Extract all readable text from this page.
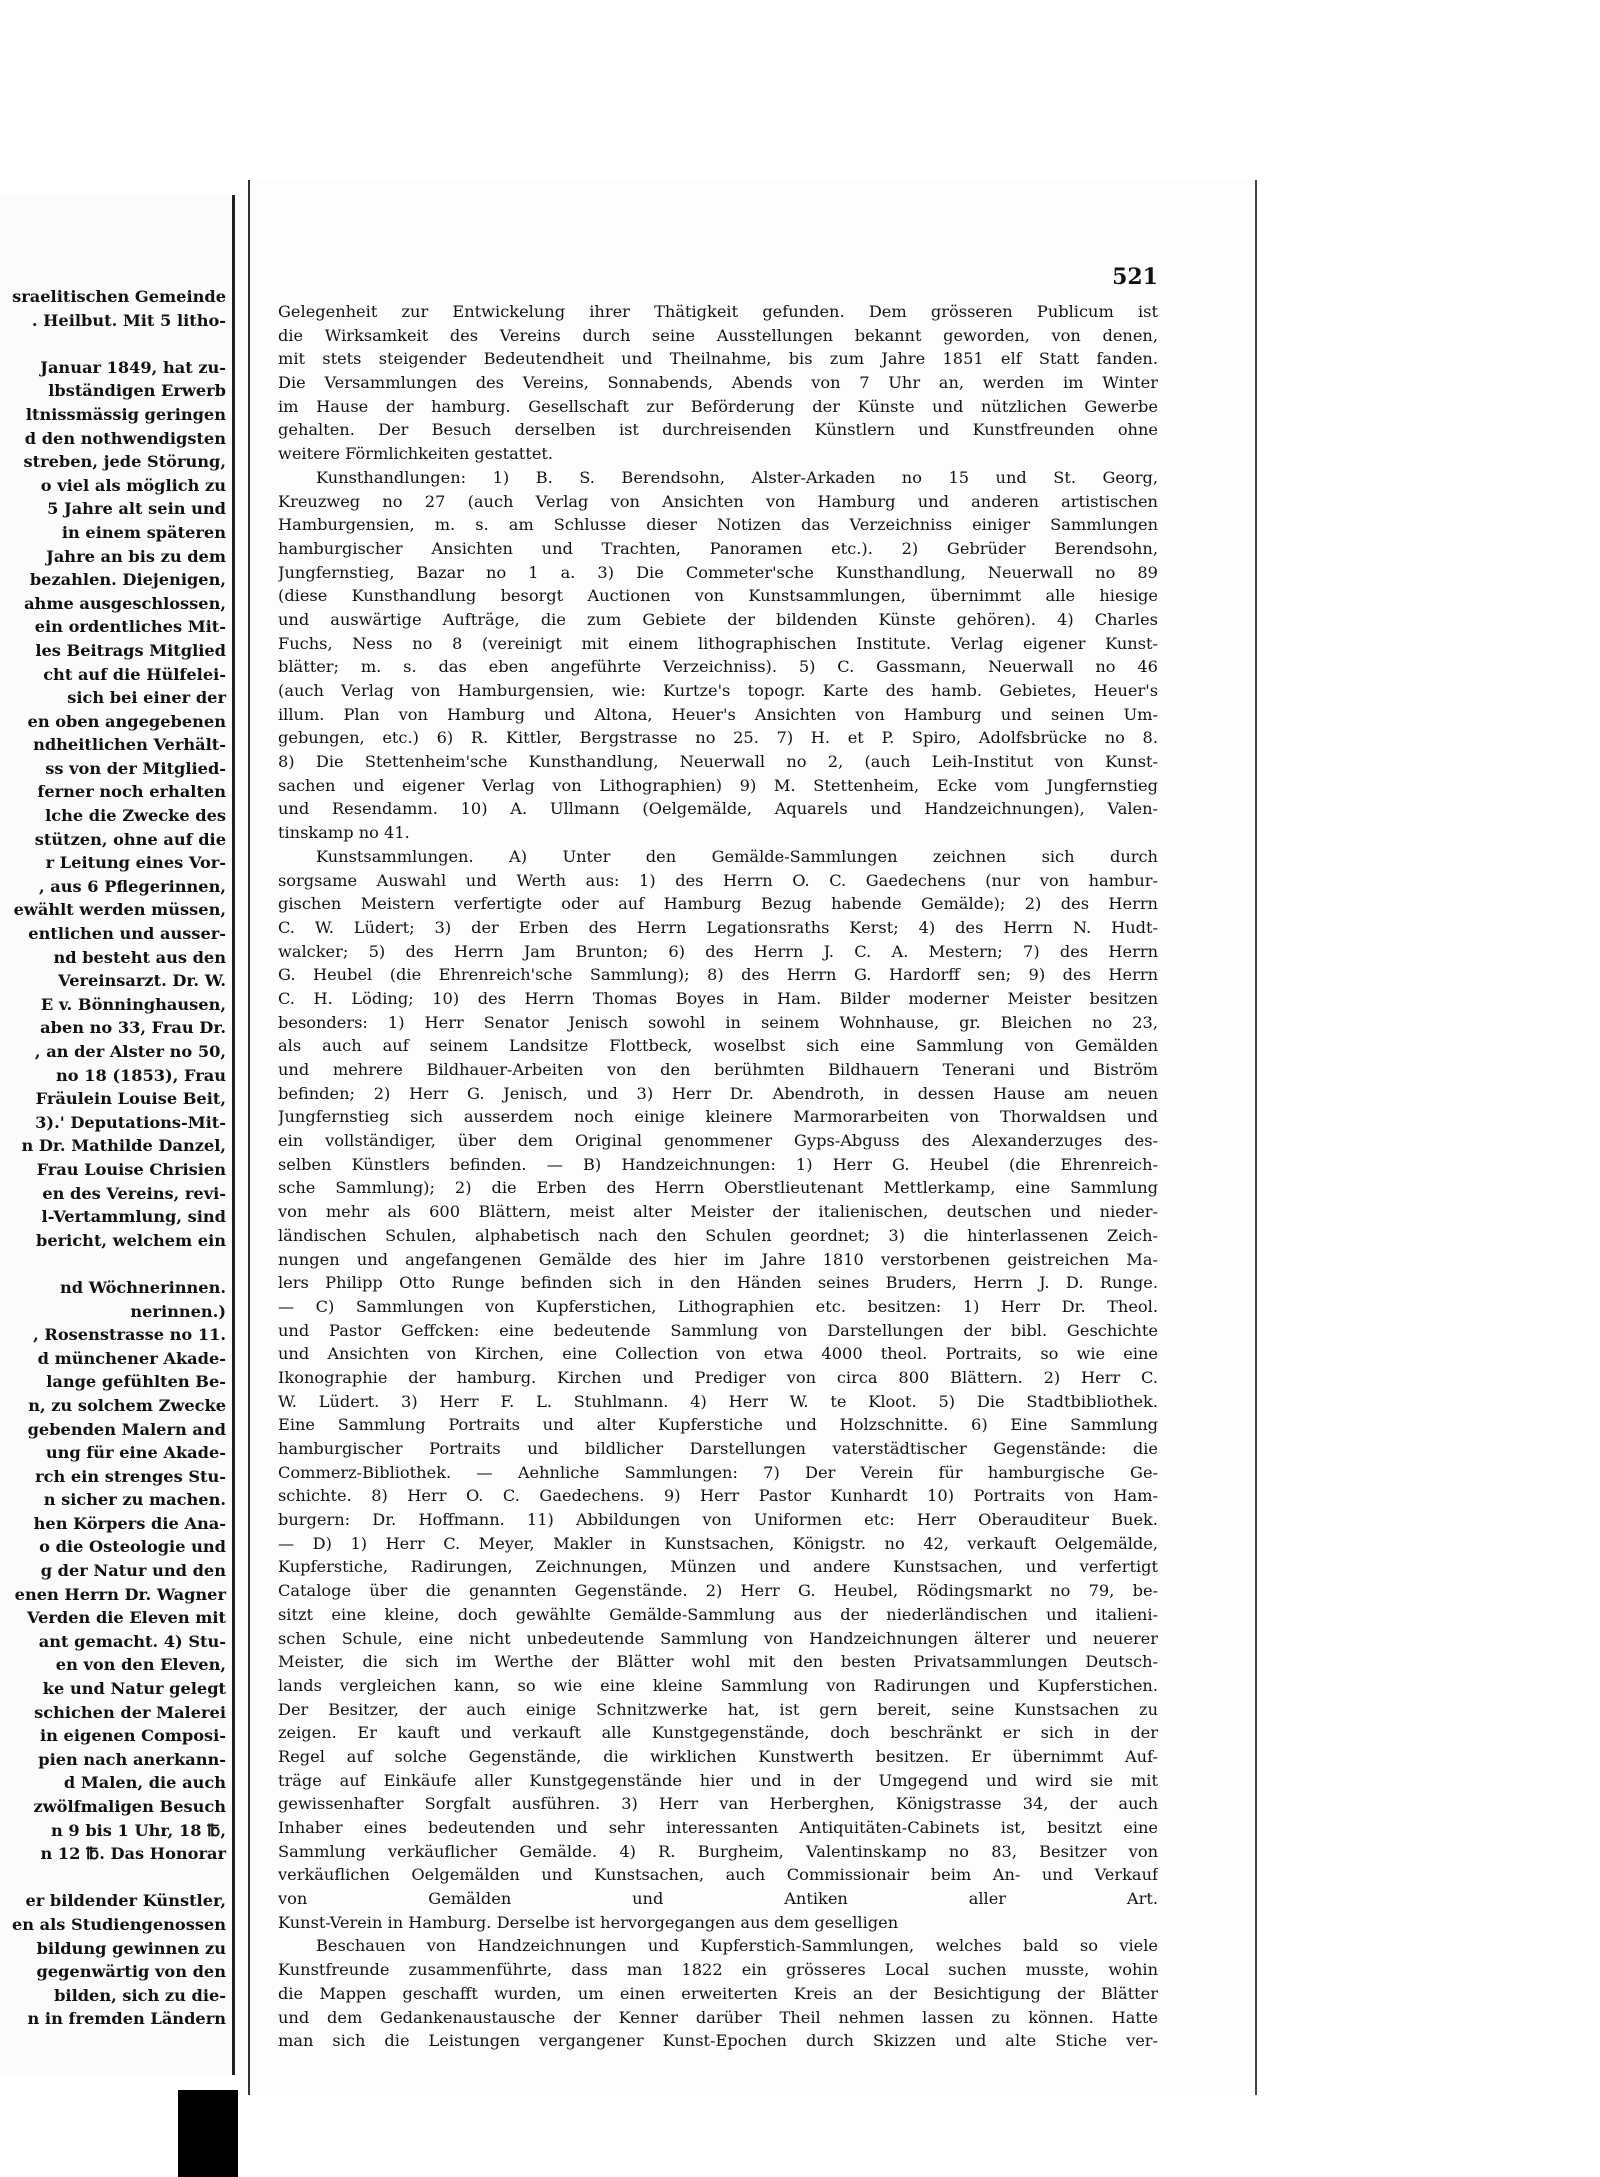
sraelitischen Gemeinde
. Heilbut. Mit 5 litho-
Januar 1849, hat zu-
lbständigen Erwerb
ltnissmässig geringen
d den nothwendigsten
streben, jede Störung,
o viel als möglich zu
5 Jahre alt sein und
in einem späteren
Jahre an bis zu dem
bezahlen. Diejenigen,
ahme ausgeschlossen,
ein ordentliches Mit-
les Beitrags Mitglied
cht auf die Hülfelei-
sich bei einer der
en oben angegebenen
ndheitlichen Verhält-
ss von der Mitglied-
ferner noch erhalten
lche die Zwecke des
stützen, ohne auf die
r Leitung eines Vor-
, aus 6 Pflegerinnen,
ewählt werden müssen,
entlichen und ausser-
nd besteht aus den
Vereinsarzt. Dr. W.
E v. Bönninghausen,
aben no 33, Frau Dr.
, an der Alster no 50,
no 18 (1853), Frau
Fräulein Louise Beit,
3).' Deputations-Mit-
n Dr. Mathilde Danzel,
Frau Louise Chrisien
en des Vereins, revi-
l-Vertammlung, sind
bericht, welchem ein
nd Wöchnerinnen.
nerinnen.)
, Rosenstrasse no 11.
d münchener Akade-
lange gefühlten Be-
n, zu solchem Zwecke
gebenden Malern and
ung für eine Akade-
rch ein strenges Stu-
n sicher zu machen.
hen Körpers die Ana-
o die Osteologie und
g der Natur und den
enen Herrn Dr. Wagner
Verden die Eleven mit
ant gemacht. 4) Stu-
en von den Eleven,
ke und Natur gelegt
schichen der Malerei
in eigenen Composi-
pien nach anerkann-
d Malen, die auch
zwölfmaligen Besuch
n 9 bis 1 Uhr, 18 ℔,
n 12 ℔. Das Honorar
er bildender Künstler,
en als Studiengenossen
bildung gewinnen zu
gegenwärtig von den
bilden, sich zu die-
n in fremden Ländern
521
Gelegenheit zur Entwickelung ihrer Thätigkeit gefunden. Dem grösseren Publicum ist
die Wirksamkeit des Vereins durch seine Ausstellungen bekannt geworden, von denen,
mit stets steigender Bedeutendheit und Theilnahme, bis zum Jahre 1851 elf Statt fanden.
Die Versammlungen des Vereins, Sonnabends, Abends von 7 Uhr an, werden im Winter
im Hause der hamburg. Gesellschaft zur Beförderung der Künste und nützlichen Gewerbe
gehalten. Der Besuch derselben ist durchreisenden Künstlern und Kunstfreunden ohne
weitere Förmlichkeiten gestattet.
Kunsthandlungen: 1) B. S. Berendsohn, Alster-Arkaden no 15 und St. Georg,
Kreuzweg no 27 (auch Verlag von Ansichten von Hamburg und anderen artistischen
Hamburgensien, m. s. am Schlusse dieser Notizen das Verzeichniss einiger Sammlungen
hamburgischer Ansichten und Trachten, Panoramen etc.). 2) Gebrüder Berendsohn,
Jungfernstieg, Bazar no 1 a. 3) Die Commeter'sche Kunsthandlung, Neuerwall no 89
(diese Kunsthandlung besorgt Auctionen von Kunstsammlungen, übernimmt alle hiesige
und auswärtige Aufträge, die zum Gebiete der bildenden Künste gehören). 4) Charles
Fuchs, Ness no 8 (vereinigt mit einem lithographischen Institute. Verlag eigener Kunst-
blätter; m. s. das eben angeführte Verzeichniss). 5) C. Gassmann, Neuerwall no 46
(auch Verlag von Hamburgensien, wie: Kurtze's topogr. Karte des hamb. Gebietes, Heuer's
illum. Plan von Hamburg und Altona, Heuer's Ansichten von Hamburg und seinen Um-
gebungen, etc.) 6) R. Kittler, Bergstrasse no 25. 7) H. et P. Spiro, Adolfsbrücke no 8.
8) Die Stettenheim'sche Kunsthandlung, Neuerwall no 2, (auch Leih-Institut von Kunst-
sachen und eigener Verlag von Lithographien) 9) M. Stettenheim, Ecke vom Jungfernstieg
und Resendamm. 10) A. Ullmann (Oelgemälde, Aquarels und Handzeichnungen), Valen-
tinskamp no 41.
Kunstsammlungen. A) Unter den Gemälde-Sammlungen zeichnen sich durch
sorgsame Auswahl und Werth aus: 1) des Herrn O. C. Gaedechens (nur von hambur-
gischen Meistern verfertigte oder auf Hamburg Bezug habende Gemälde); 2) des Herrn
C. W. Lüdert; 3) der Erben des Herrn Legationsraths Kerst; 4) des Herrn N. Hudt-
walcker; 5) des Herrn Jam Brunton; 6) des Herrn J. C. A. Mestern; 7) des Herrn
G. Heubel (die Ehrenreich'sche Sammlung); 8) des Herrn G. Hardorff sen; 9) des Herrn
C. H. Löding; 10) des Herrn Thomas Boyes in Ham. Bilder moderner Meister besitzen
besonders: 1) Herr Senator Jenisch sowohl in seinem Wohnhause, gr. Bleichen no 23,
als auch auf seinem Landsitze Flottbeck, woselbst sich eine Sammlung von Gemälden
und mehrere Bildhauer-Arbeiten von den berühmten Bildhauern Tenerani und Biström
befinden; 2) Herr G. Jenisch, und 3) Herr Dr. Abendroth, in dessen Hause am neuen
Jungfernstieg sich ausserdem noch einige kleinere Marmorarbeiten von Thorwaldsen und
ein vollständiger, über dem Original genommener Gyps-Abguss des Alexanderzuges des-
selben Künstlers befinden. — B) Handzeichnungen: 1) Herr G. Heubel (die Ehrenreich-
sche Sammlung); 2) die Erben des Herrn Oberstlieutenant Mettlerkamp, eine Sammlung
von mehr als 600 Blättern, meist alter Meister der italienischen, deutschen und nieder-
ländischen Schulen, alphabetisch nach den Schulen geordnet; 3) die hinterlassenen Zeich-
nungen und angefangenen Gemälde des hier im Jahre 1810 verstorbenen geistreichen Ma-
lers Philipp Otto Runge befinden sich in den Händen seines Bruders, Herrn J. D. Runge.
— C) Sammlungen von Kupferstichen, Lithographien etc. besitzen: 1) Herr Dr. Theol.
und Pastor Geffcken: eine bedeutende Sammlung von Darstellungen der bibl. Geschichte
und Ansichten von Kirchen, eine Collection von etwa 4000 theol. Portraits, so wie eine
Ikonographie der hamburg. Kirchen und Prediger von circa 800 Blättern. 2) Herr C.
W. Lüdert. 3) Herr F. L. Stuhlmann. 4) Herr W. te Kloot. 5) Die Stadtbibliothek.
Eine Sammlung Portraits und alter Kupferstiche und Holzschnitte. 6) Eine Sammlung
hamburgischer Portraits und bildlicher Darstellungen vaterstädtischer Gegenstände: die
Commerz-Bibliothek. — Aehnliche Sammlungen: 7) Der Verein für hamburgische Ge-
schichte. 8) Herr O. C. Gaedechens. 9) Herr Pastor Kunhardt 10) Portraits von Ham-
burgern: Dr. Hoffmann. 11) Abbildungen von Uniformen etc: Herr Oberauditeur Buek.
— D) 1) Herr C. Meyer, Makler in Kunstsachen, Königstr. no 42, verkauft Oelgemälde,
Kupferstiche, Radirungen, Zeichnungen, Münzen und andere Kunstsachen, und verfertigt
Cataloge über die genannten Gegenstände. 2) Herr G. Heubel, Rödingsmarkt no 79, be-
sitzt eine kleine, doch gewählte Gemälde-Sammlung aus der niederländischen und italieni-
schen Schule, eine nicht unbedeutende Sammlung von Handzeichnungen älterer und neuerer
Meister, die sich im Werthe der Blätter wohl mit den besten Privatsammlungen Deutsch-
lands vergleichen kann, so wie eine kleine Sammlung von Radirungen und Kupferstichen.
Der Besitzer, der auch einige Schnitzwerke hat, ist gern bereit, seine Kunstsachen zu
zeigen. Er kauft und verkauft alle Kunstgegenstände, doch beschränkt er sich in der
Regel auf solche Gegenstände, die wirklichen Kunstwerth besitzen. Er übernimmt Auf-
träge auf Einkäufe aller Kunstgegenstände hier und in der Umgegend und wird sie mit
gewissenhafter Sorgfalt ausführen. 3) Herr van Herberghen, Königstrasse 34, der auch
Inhaber eines bedeutenden und sehr interessanten Antiquitäten-Cabinets ist, besitzt eine
Sammlung verkäuflicher Gemälde. 4) R. Burgheim, Valentinskamp no 83, Besitzer von
verkäuflichen Oelgemälden und Kunstsachen, auch Commissionair beim An- und Verkauf
von Gemälden und Antiken aller Art.
Kunst-Verein in Hamburg. Derselbe ist hervorgegangen aus dem geselligen
Beschauen von Handzeichnungen und Kupferstich-Sammlungen, welches bald so viele
Kunstfreunde zusammenführte, dass man 1822 ein grösseres Local suchen musste, wohin
die Mappen geschafft wurden, um einen erweiterten Kreis an der Besichtigung der Blätter
und dem Gedankenaustausche der Kenner darüber Theil nehmen lassen zu können. Hatte
man sich die Leistungen vergangener Kunst-Epochen durch Skizzen und alte Stiche ver-
